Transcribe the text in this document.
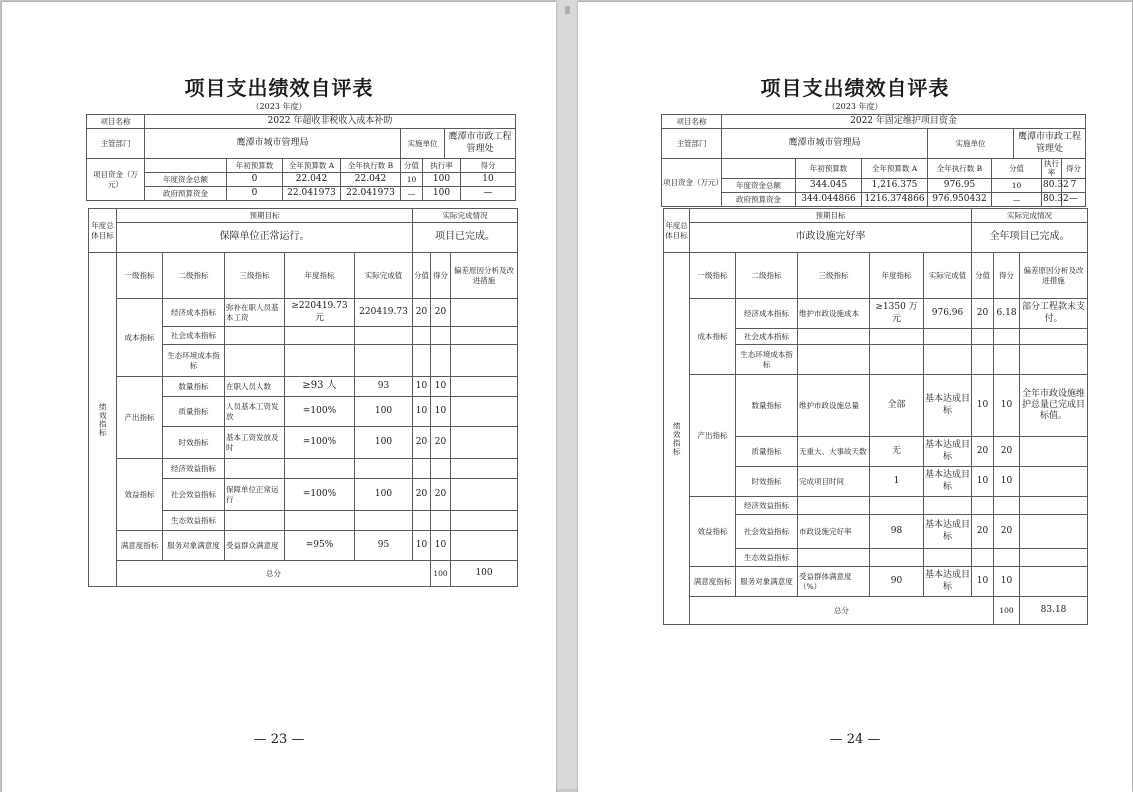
项目支出绩效自评表
（2023 年度）
项目名称	2022 年超收非税收入成本补助							
主管部门	鹰潭市城市管理局				实施单位		鹰潭市市政工程管理处	
项目资金（万元）		年初预算数	全年预算数 A	全年执行数 B	分值	执行率		得分
	年度资金总额	0	22.042	22.042	10	100		10
	政府预算资金	0	22.041973	22.041973	—	100		—
年度总体目标	预期目标					实际完成情况			
	保障单位正常运行。					项目已完成。			

绩效指标	一级指标	二级指标	三级指标	年度指标	实际完成值	分值	得分	偏差原因分析及改进措施	
	成本指标	经济成本指标	弥补在职人员基本工资	≥220419.73 元	220419.73	20	20		
		社会成本指标							
		生态环境成本指标							
	产出指标	数量指标	在职人员人数	≥93 人	93	10	10		
		质量指标	人员基本工资发放	=100%	100	10	10		
		时效指标	基本工资发放及时	=100%	100	20	20		
	效益指标	经济效益指标							
		社会效益指标	保障单位正常运行	=100%	100	20	20		
		生态效益指标							
	满意度指标	服务对象满意度	受益群众满意度	=95%	95	10	10		
	总分						100	100	
— 23 —
项目支出绩效自评表
（2023 年度）
项目名称	2022 年固定维护项目资金							
主管部门	鹰潭市城市管理局			实施单位		鹰潭市市政工程管理处		
项目资金（万元）		年初预算数	全年预算数 A	全年执行数 B	分值		执行率	得分
	年度资金总额	344.045	1,216.375	976.95	10		80.32	7
	政府预算资金	344.044866	1216.374866	976.950432	—		80.32	—
年度总体目标	预期目标					实际完成情况			
	市政设施完好率					全年项目已完成。			

绩效指标	一级指标	二级指标	三级指标	年度指标	实际完成值	分值	得分	偏差原因分析及改进措施	
	成本指标	经济成本指标	维护市政设施成本	≥1350 万元	976.96	20	6.18	部分工程款未支付。	
		社会成本指标							
		生态环境成本指标							
	产出指标	数量指标	维护市政设施总量	全部	基本达成目标	10	10	全年市政设施维护总量已完成目标值。	
		质量指标	无重大、大事故天数	无	基本达成目标	20	20		
		时效指标	完成项目时间	1	基本达成目标	10	10		
	效益指标	经济效益指标							
		社会效益指标	市政设施完好率	98	基本达成目标	20	20		
		生态效益指标							
	满意度指标	服务对象满意度	受益群体满意度（%）	90	基本达成目标	10	10		
	总分						100	83.18	
— 24 —
